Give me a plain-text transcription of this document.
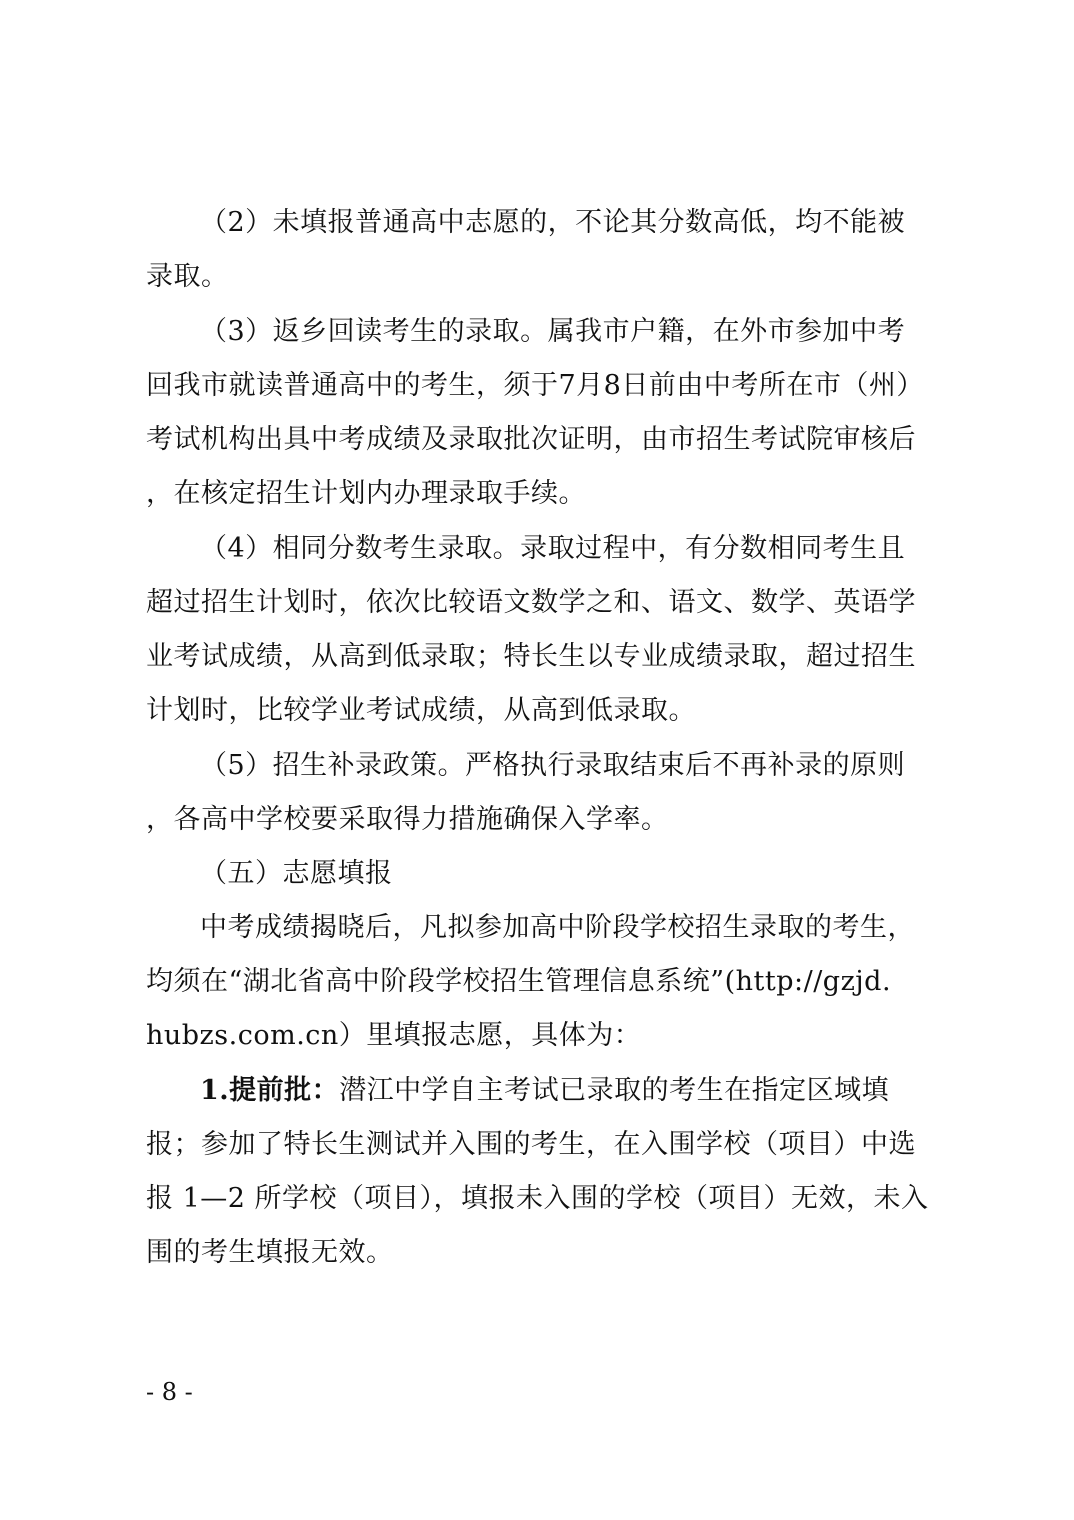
（2）未填报普通高中志愿的，不论其分数高低，均不能被
录取。
（3）返乡回读考生的录取。属我市户籍，在外市参加中考
回我市就读普通高中的考生，须于7月8日前由中考所在市（州）
考试机构出具中考成绩及录取批次证明，由市招生考试院审核后
，在核定招生计划内办理录取手续。
（4）相同分数考生录取。录取过程中，有分数相同考生且
超过招生计划时，依次比较语文数学之和、语文、数学、英语学
业考试成绩，从高到低录取；特长生以专业成绩录取，超过招生
计划时，比较学业考试成绩，从高到低录取。
（5）招生补录政策。严格执行录取结束后不再补录的原则
，各高中学校要采取得力措施确保入学率。
（五）志愿填报
中考成绩揭晓后，凡拟参加高中阶段学校招生录取的考生，
均须在“湖北省高中阶段学校招生管理信息系统”(http://gzjd.
hubzs.com.cn）里填报志愿，具体为：
1.提前批：潜江中学自主考试已录取的考生在指定区域填
报；参加了特长生测试并入围的考生，在入围学校（项目）中选
报 1—2 所学校（项目），填报未入围的学校（项目）无效，未入
围的考生填报无效。
- 8 -
